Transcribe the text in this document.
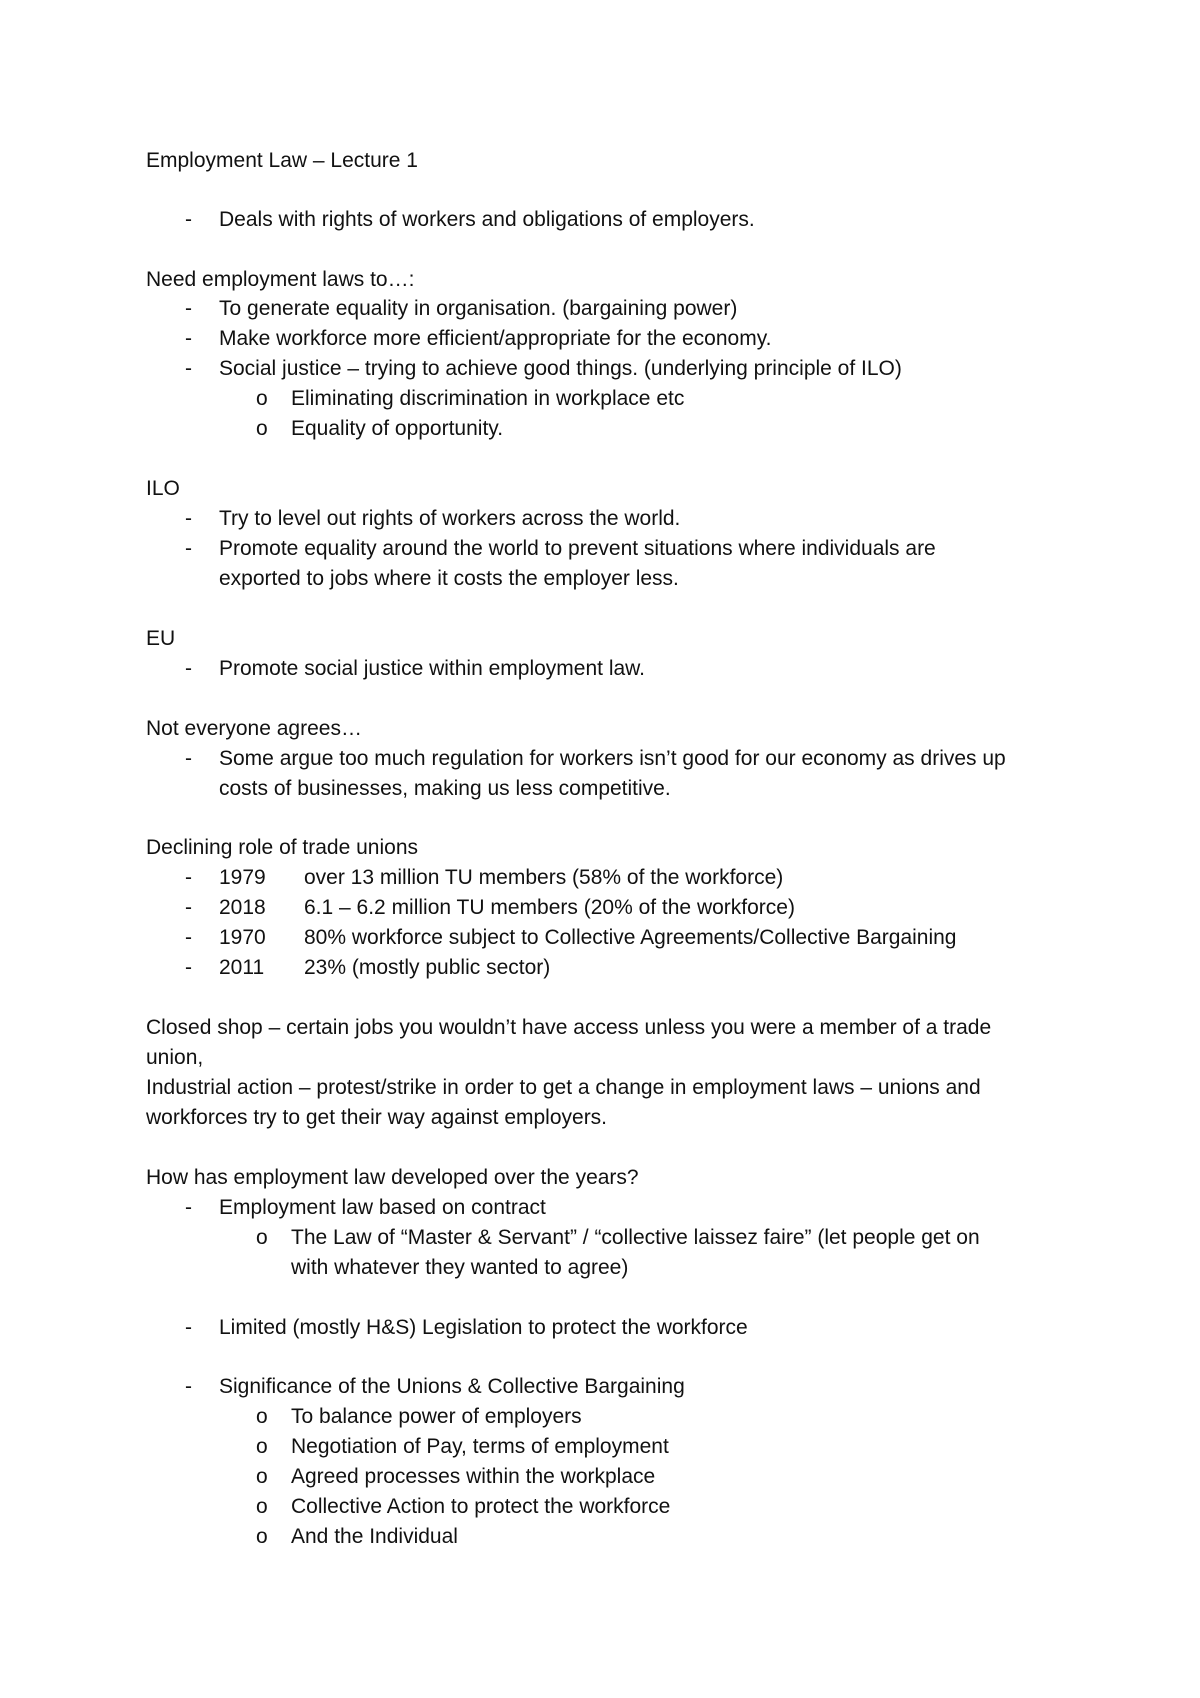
Employment Law – Lecture 1
- Deals with rights of workers and obligations of employers.
Need employment laws to…:
- To generate equality in organisation. (bargaining power)
- Make workforce more efficient/appropriate for the economy.
- Social justice – trying to achieve good things. (underlying principle of ILO)
o Eliminating discrimination in workplace etc
o Equality of opportunity.
ILO
- Try to level out rights of workers across the world.
- Promote equality around the world to prevent situations where individuals are
exported to jobs where it costs the employer less.
EU
- Promote social justice within employment law.
Not everyone agrees…
- Some argue too much regulation for workers isn’t good for our economy as drives up
costs of businesses, making us less competitive.
Declining role of trade unions
- 1979 over 13 million TU members (58% of the workforce)
- 2018 6.1 – 6.2 million TU members (20% of the workforce)
- 1970 80% workforce subject to Collective Agreements/Collective Bargaining
- 2011 23% (mostly public sector)
Closed shop – certain jobs you wouldn’t have access unless you were a member of a trade
union,
Industrial action – protest/strike in order to get a change in employment laws – unions and
workforces try to get their way against employers.
How has employment law developed over the years?
- Employment law based on contract
o The Law of “Master & Servant” / “collective laissez faire” (let people get on
with whatever they wanted to agree)
- Limited (mostly H&S) Legislation to protect the workforce
- Significance of the Unions & Collective Bargaining
o To balance power of employers
o Negotiation of Pay, terms of employment
o Agreed processes within the workplace
o Collective Action to protect the workforce
o And the Individual
